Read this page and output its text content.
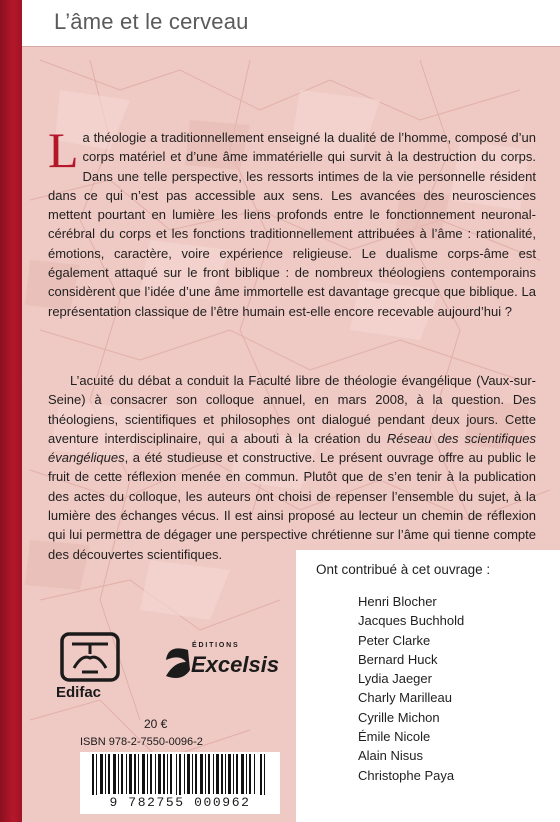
L’âme et le cerveau
La théologie a traditionnellement enseigné la dualité de l’homme, composé d’un corps matériel et d’une âme immatérielle qui survit à la destruction du corps. Dans une telle perspective, les ressorts intimes de la vie personnelle résident dans ce qui n’est pas accessible aux sens. Les avancées des neurosciences mettent pourtant en lumière les liens profonds entre le fonctionnement neuronal-cérébral du corps et les fonctions traditionnellement attribuées à l’âme : rationalité, émotions, caractère, voire expérience religieuse. Le dualisme corps-âme est également attaqué sur le front biblique : de nombreux théologiens contemporains considèrent que l’idée d’une âme immortelle est davantage grecque que biblique. La représentation classique de l’être humain est-elle encore recevable aujourd’hui ?
L’acuité du débat a conduit la Faculté libre de théologie évangélique (Vaux-sur-Seine) à consacrer son colloque annuel, en mars 2008, à la question. Des théologiens, scientifiques et philosophes ont dialogué pendant deux jours. Cette aventure interdisciplinaire, qui a abouti à la création du Réseau des scientifiques évangéliques, a été studieuse et constructive. Le présent ouvrage offre au public le fruit de cette réflexion menée en commun. Plutôt que de s’en tenir à la publication des actes du colloque, les auteurs ont choisi de repenser l’ensemble du sujet, à la lumière des échanges vécus. Il est ainsi proposé au lecteur un chemin de réflexion qui lui permettra de dégager une perspective chrétienne sur l’âme qui tienne compte des découvertes scientifiques.
Ont contribué à cet ouvrage :
Henri Blocher
Jacques Buchhold
Peter Clarke
Bernard Huck
Lydia Jaeger
Charly Marilleau
Cyrille Michon
Émile Nicole
Alain Nisus
Christophe Paya
Edifac
ÉDITIONS
Excelsis
20 €
ISBN 978-2-7550-0096-2
9 782755 000962
